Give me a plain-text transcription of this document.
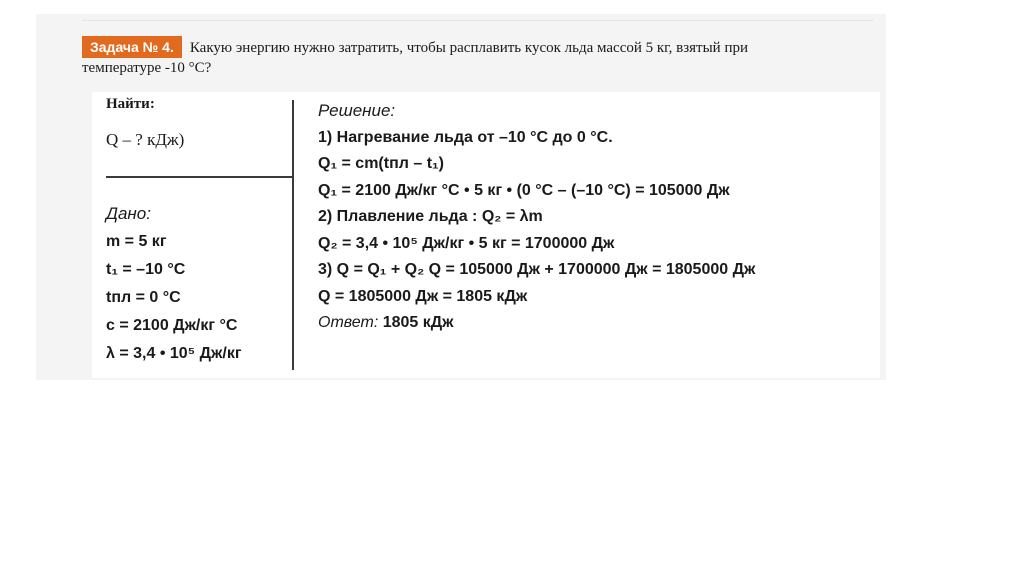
Задача № 4. Какую энергию нужно затратить, чтобы расплавить кусок льда массой 5 кг, взятый при
температуре -10 °С?
Найти:
Q – ? кДж)
Дано:
m = 5 кг
t₁ = –10 °С
tпл = 0 °С
c = 2100 Дж/кг °С
λ = 3,4 • 10⁵ Дж/кг
Решение:
1) Нагревание льда от –10 °С до 0 °С.
Q₁ = cm(tпл – t₁)
Q₁ = 2100 Дж/кг °С • 5 кг • (0 °С – (–10 °С) = 105000 Дж
2) Плавление льда : Q₂ = λm
Q₂ = 3,4 • 10⁵ Дж/кг • 5 кг = 1700000 Дж
3) Q = Q₁ + Q₂ Q = 105000 Дж + 1700000 Дж = 1805000 Дж
Q = 1805000 Дж = 1805 кДж
Ответ: 1805 кДж
